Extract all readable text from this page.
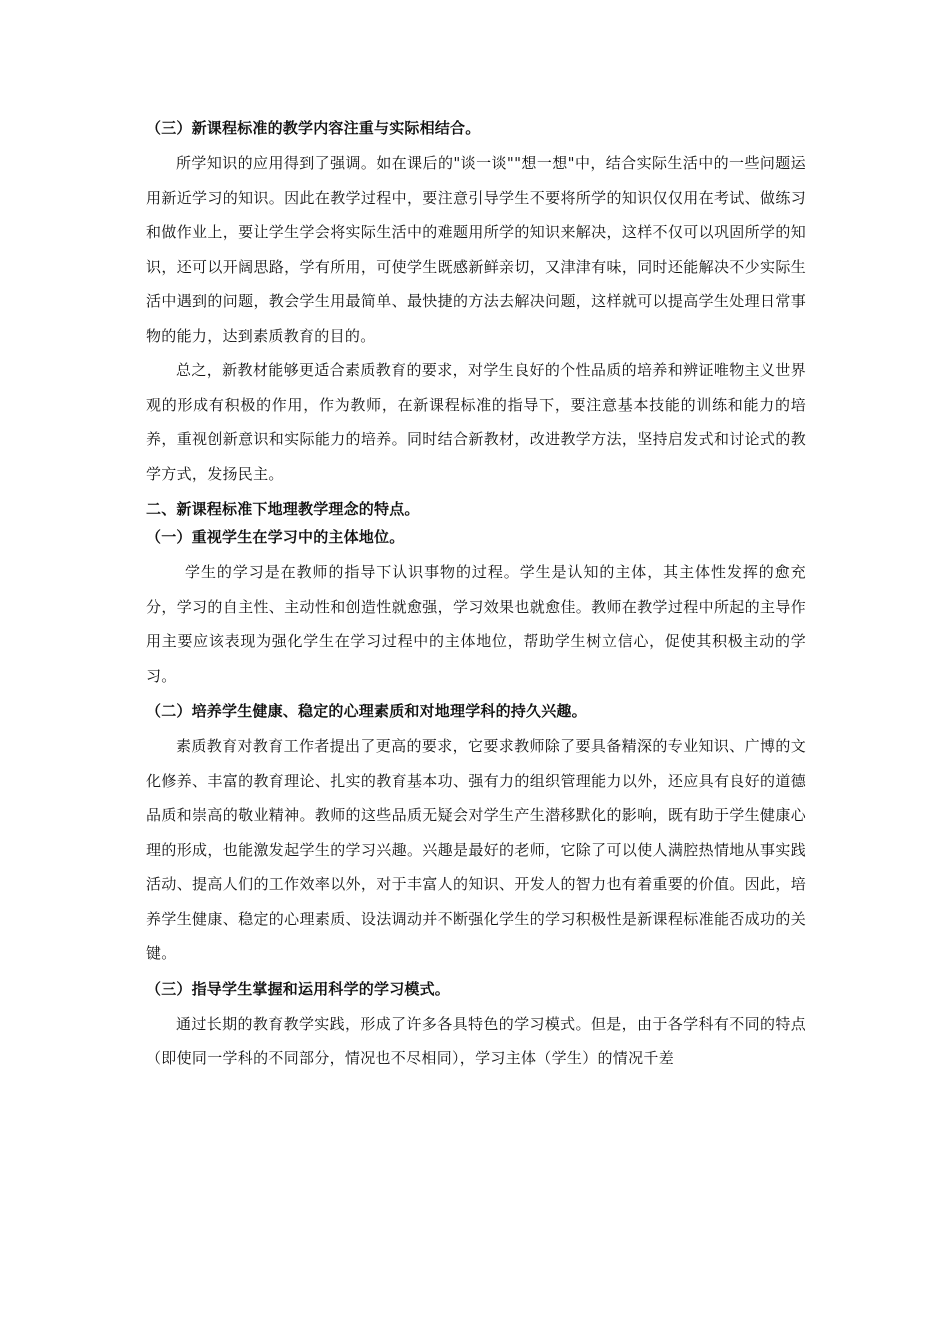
（三）新课程标准的教学内容注重与实际相结合。

所学知识的应用得到了强调。如在课后的"谈一谈""想一想"中，结合实际生活中的一些问题运用新近学习的知识。因此在教学过程中，要注意引导学生不要将所学的知识仅仅用在考试、做练习和做作业上，要让学生学会将实际生活中的难题用所学的知识来解决，这样不仅可以巩固所学的知识，还可以开阔思路，学有所用，可使学生既感新鲜亲切，又津津有味，同时还能解决不少实际生活中遇到的问题，教会学生用最简单、最快捷的方法去解决问题，这样就可以提高学生处理日常事物的能力，达到素质教育的目的。

总之，新教材能够更适合素质教育的要求，对学生良好的个性品质的培养和辨证唯物主义世界观的形成有积极的作用，作为教师，在新课程标准的指导下，要注意基本技能的训练和能力的培养，重视创新意识和实际能力的培养。同时结合新教材，改进教学方法，坚持启发式和讨论式的教学方式，发扬民主。

二、新课程标准下地理教学理念的特点。
（一）重视学生在学习中的主体地位。

学生的学习是在教师的指导下认识事物的过程。学生是认知的主体，其主体性发挥的愈充分，学习的自主性、主动性和创造性就愈强，学习效果也就愈佳。教师在教学过程中所起的主导作用主要应该表现为强化学生在学习过程中的主体地位，帮助学生树立信心，促使其积极主动的学习。

（二）培养学生健康、稳定的心理素质和对地理学科的持久兴趣。

素质教育对教育工作者提出了更高的要求，它要求教师除了要具备精深的专业知识、广博的文化修养、丰富的教育理论、扎实的教育基本功、强有力的组织管理能力以外，还应具有良好的道德品质和崇高的敬业精神。教师的这些品质无疑会对学生产生潜移默化的影响，既有助于学生健康心理的形成，也能激发起学生的学习兴趣。兴趣是最好的老师，它除了可以使人满腔热情地从事实践活动、提高人们的工作效率以外，对于丰富人的知识、开发人的智力也有着重要的价值。因此，培养学生健康、稳定的心理素质、设法调动并不断强化学生的学习积极性是新课程标准能否成功的关键。

（三）指导学生掌握和运用科学的学习模式。

通过长期的教育教学实践，形成了许多各具特色的学习模式。但是，由于各学科有不同的特点（即使同一学科的不同部分，情况也不尽相同），学习主体（学生）的情况千差
